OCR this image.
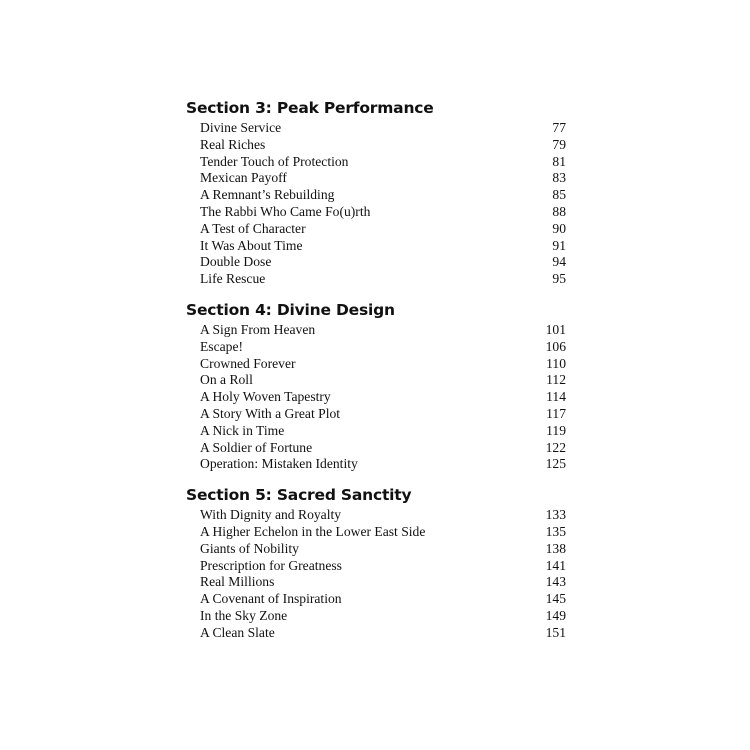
Section 3: Peak Performance
Divine Service	77
Real Riches	79
Tender Touch of Protection	81
Mexican Payoff	83
A Remnant’s Rebuilding	85
The Rabbi Who Came Fo(u)rth	88
A Test of Character	90
It Was About Time	91
Double Dose	94
Life Rescue	95
Section 4: Divine Design
A Sign From Heaven	101
Escape!	106
Crowned Forever	110
On a Roll	112
A Holy Woven Tapestry	114
A Story With a Great Plot	117
A Nick in Time	119
A Soldier of Fortune	122
Operation: Mistaken Identity	125
Section 5: Sacred Sanctity
With Dignity and Royalty	133
A Higher Echelon in the Lower East Side	135
Giants of Nobility	138
Prescription for Greatness	141
Real Millions	143
A Covenant of Inspiration	145
In the Sky Zone	149
A Clean Slate	151
